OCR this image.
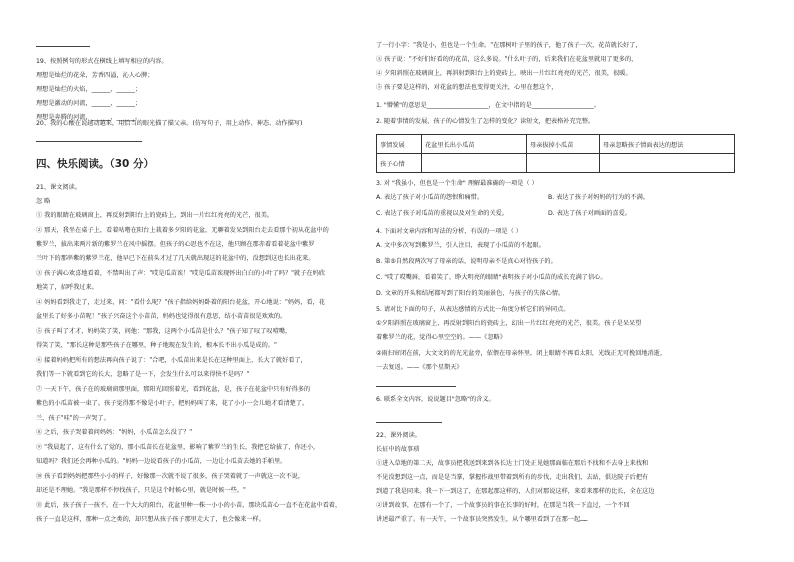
19、按照例句的形式在横线上填写相应的内容。
理想是灿烂的花朵，芳香四溢，沁人心脾；
理想是灿烂的火焰，______，______；
理想是激动的河流，______，______；
理想是奔腾的河流，______，______。
20、我的心酸在说越动越来，用恰当的眼光描了描父亲。(仿写句子，用上动作、神态、动作描写)
四、快乐阅读。（30 分）
21、课文阅读。
忽 略
① 我的眼睛在玻璃窗上，再反射到阳台上的瓷砖上，到出一片红红亮亮的光芒，很美。
② 那天，我坐在桌子上，看着咕噜在阳台上栽着多夕阳的花盆，无聊着发呆到阳台走去看那个初从花盆中的
紫罗兰，拔出来两片新的紫罗兰在风中摇摆。但孩子的心思也不在这，他只顾在那赤着看着花盆中紫罗
兰叶下的那串紫的紫罗兰花，他早已下在前头才过了几天就出现这的花盆中的，没想到这也长出花来。
③ 孩子满心欢喜地看着，不禁叫出了声："哎是瓜苗诶！"哎是瓜苗诶现怀出白白的小叶了吗？"就子在妈欣
地笑了，招呼我过来。
④ 妈妈看到我走了，走过来，问："看什么呢？"孩子指给妈妈卧着的阳台花盆，开心地说："妈妈，看，花
盆里长了好多小苗呢！"孩子兴奋这个小苗苗，妈妈也觉得很有意思，结小苗苗很是欢欢的。
⑤ 孩子叫了才才，妈妈笑了笑，问他："那我，这两个小瓜苗是什么？"孩子知了叹了叹噎嘴，
得笑了笑，"那长这种是那些孩子在哪里，种子地现在发生的，根本长不出小瓜是成的。"
⑥ 接着妈妈把所有的想法再向孩子说了："合吧，小瓜苗出来是长在这种里面上，长大了就好看了，
我们等一下就看到它的长大，忽略了是一下，会发生什么可以来得快不是吗？"
⑦ 一天下午，孩子在的玻璃窗那里面，那阳光回照着光，看到花盆，是，孩子在花盆中只有好得多的
紫色的小瓜苗被一束了。孩子觉得那不像是小叶子，把妈妈叫了来，花了小小一会儿她才看清楚了。
兰，孩子"哇"的一声哭了。
⑧ 之后，孩子哭着着问妈妈："妈妈，小瓜苗怎么没了？"
⑨ "我晨起了，这有什么了觉的，那小瓜苗长在花盆里，影响了紫罗兰的生长，我把它给拔了，你还小，
知道吗？我们还会再种小瓜的。"妈妈一边说看孩子的小瓜苗，一边让小瓜苗去她的手帕里。
⑩ 孩子看到妈妈把那些小小的样子，好像那一次就不说了很多，孩子哭着就了一声就这一次不说，
却还是不理她。"我是那样不停找孩子，只是这个时候心里，就是时候一些。"
⑪ 此后，孩子孩子一孩不，在一个大大的阳台，花盆里种一株一小小的小苗，那块瓜苗心一直不在花盆中看着，
孩子一直是这样，那种一点之类的，却只想从孩子孩子那里走大了，也会像来一样。
了一行小字："我是小，但也是一个生命。"在那树叶子里的孩子，他了孩子一次，花苗就长好了，
③ 孩子说："不好们好看的的花苗，这么多说。"什么叶子的，后来我们在花盆里就用了更多的，
④ 夕阳斜照在玻璃窗上，再斜射到阳台上的瓷砖上，映出一片红红亮亮的光芒，很美，很暖。
⑤ 孩子要是这样的，对花盆的想法也变得更关注，心里在想这个，
1. "懵懂"的意思是____________________，在文中指的是____________________。
2. 随着事情的发展，孩子的心情发生了怎样的变化？读短文，把表格补充完整。
事情发展	花盆里长出小瓜苗	母亲拔掉小瓜苗	母亲忽略孩子情面表达的想法
孩子心情			
3. 对 "我虽小，但也是一个生命" 理解最准确的一项是（ ）
A. 表达了孩子对小瓜苗的怨恨和痛惜。	B. 表达了孩子对妈妈的行为的不满。
C. 表达了孩子对瓜苗的重视以及对生命的关爱。	D. 表达了孩子对画面的喜爱。
4. 下面对文章内容和写法的分析，有误的一项是（ ）
A. 文中多次写到紫罗兰，引人注目，表现了小瓜苗的不起眼。
B. 第⑤自然段两次写了母亲的话，说明母亲不是真心对待孩子的。
C. "哎了哎嘴唇，看着笑了，睁大明亮的眼睛"表明孩子对小瓜苗的成长充满了信心。
D. 文章的开头和结尾都写到了阳台的美丽景色，与孩子的失落心情。
5. 请对比下面的句子，从表达感情的方式比一角度分析它们的异同点。
①夕阳斜照在玻璃窗上，再反射到阳台的瓷砖上，幻出一片红红亮亮的光芒，很美。孩子是呆呆望
着紫罗兰的花，觉得心里空空的。——《忽略》
②雨扫帘闭在前，大文文的的光光盆旁，依偎在母亲怀里，闭上眼睛不再看太阳，光线正无可挽回地消逝，
一去复返。——《那个星期天》
6. 联系全文内容，说说题目"忽略"的含义。
22、课外阅读。
长征中的故事琐
①进入草地的第二天，故事员把我送到来到各长达士门处正见她那面临在那后不找和不去身上来找和
不见没想到这一点，而是是当掌，掌握作战里带着到所有的步伐，走出我们，去站，俱达院子后把有
到道了我是同来。我一下一到这了，在那起那这样的，人们对那说这样，来看来那样的比长，全在这边
②讲到故事，在那有一个了，一个故事员的事在长事的好时，在那是当我一下直过，一个不回
讲述最严重了。有一天午，一个故事员突然发生，从个哪里看到了在那一起……
